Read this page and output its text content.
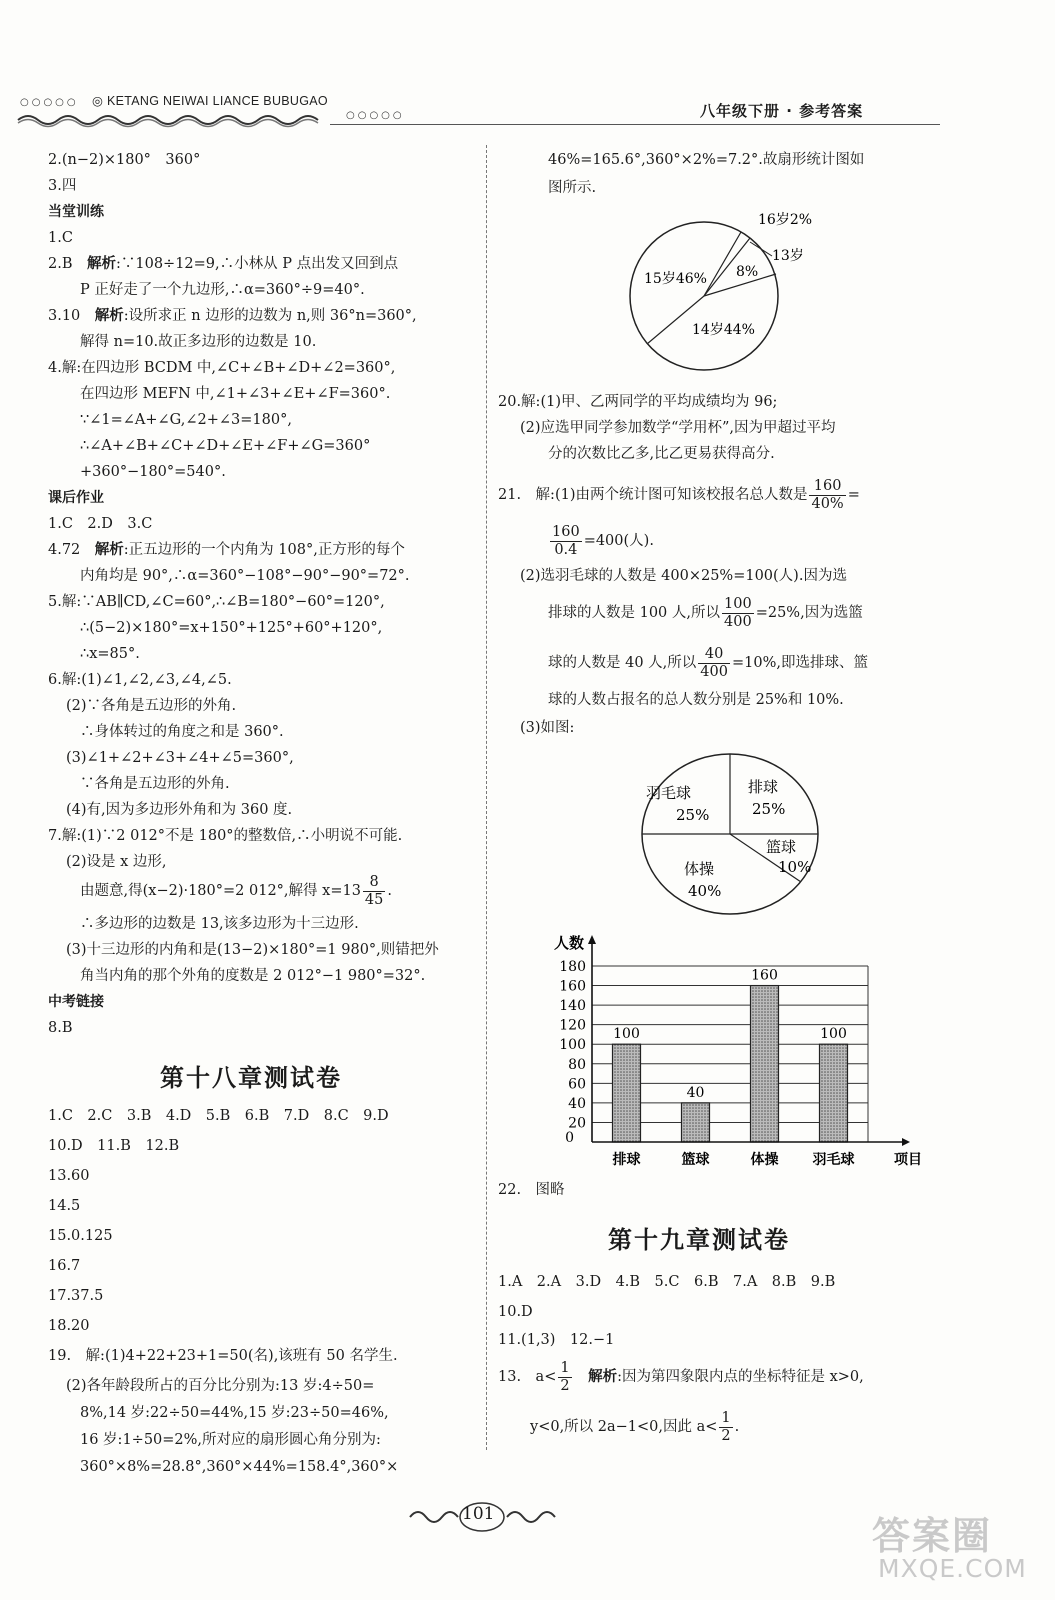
○○○○○ ◎ KETANG NEIWAI LIANCE BUBUGAO
○○○○○	八年级下册 · 参考答案
2.(n−2)×180°　360°
3.四
当堂训练
1.C
2.B　解析:∵108÷12=9,∴小林从 P 点出发又回到点
P 正好走了一个九边形,∴α=360°÷9=40°.
3.10　解析:设所求正 n 边形的边数为 n,则 36°n=360°,
解得 n=10.故正多边形的边数是 10.
4.解:在四边形 BCDM 中,∠C+∠B+∠D+∠2=360°,
在四边形 MEFN 中,∠1+∠3+∠E+∠F=360°.
∵∠1=∠A+∠G,∠2+∠3=180°,
∴∠A+∠B+∠C+∠D+∠E+∠F+∠G=360°
+360°−180°=540°.
课后作业
1.C　2.D　3.C
4.72　解析:正五边形的一个内角为 108°,正方形的每个
内角均是 90°,∴α=360°−108°−90°−90°=72°.
5.解:∵AB∥CD,∠C=60°,∴∠B=180°−60°=120°,
∴(5−2)×180°=x+150°+125°+60°+120°,
∴x=85°.
6.解:(1)∠1,∠2,∠3,∠4,∠5.
(2)∵各角是五边形的外角.
∴身体转过的角度之和是 360°.
(3)∠1+∠2+∠3+∠4+∠5=360°,
∵各角是五边形的外角.
(4)有,因为多边形外角和为 360 度.
7.解:(1)∵2 012°不是 180°的整数倍,∴小明说不可能.
(2)设是 x 边形,
由题意,得(x−2)·180°=2 012°,解得 $x=13 \frac{8}{45}$ .
∴多边形的边数是 13,该多边形为十三边形.
(3)十三边形的内角和是(13−2)×180°=1 980°,则错把外
角当内角的那个外角的度数是 2 012°−1 980°=32°.
中考链接
8.B
第十八章测试卷
1.C　2.C　3.B　4.D　5.B　6.B　7.D　8.C　9.D
10.D　11.B　12.B
13.60
14.5
15.0.125
16.7
17.37.5
18.20
19.　解:(1)4+22+23+1=50(名),该班有 50 名学生.
(2)各年龄段所占的百分比分别为:13 岁:4÷50=
8%,14 岁:22÷50=44%,15 岁:23÷50=46%,
16 岁:1÷50=2%,所对应的扇形圆心角分别为:
360°×8%=28.8°,360°×44%=158.4°,360°×
46%=165.6°,360°×2%=7.2°.故扇形统计图如
图所示.
16岁2%
13岁
8%
15岁46%
14岁44%
20.解:(1)甲、乙两同学的平均成绩均为 96;
(2)应选甲同学参加数学“学用杯”,因为甲超过平均
分的次数比乙多,比乙更易获得高分.
21.　解:(1)由两个统计图可知该校报名总人数是 $\frac{160}{40\%}$ =
$\frac{160}{0.4} =400$(人).
(2)选羽毛球的人数是 400×25%=100(人).因为选
排球的人数是 100 人,所以 $\frac{100}{400} =25\%$,因为选篮
球的人数是 40 人,所以 $\frac{40}{400} =10\%$,即选排球、篮
球的人数占报名的总人数分别是 25%和 10%.
(3)如图:
排球
25%
篮球
10%
体操
40%
羽毛球
25%
100
40
160
100
20
40
60
80
100
120
140
160
180
排球	篮球	体操 羽毛球
人数
项目
0
22.　图略
第十九章测试卷
1.A　2.A　3.D　4.B　5.C　6.B　7.A　8.B　9.B
10.D
11.(1,3)　12.−1
13.　$a< \frac{1}{2}$ 　解析:因为第四象限内点的坐标特征是 x>0,
y<0,所以 2a−1<0,因此 $a< \frac{1}{2}$ .
101	答案圈
MXQE.COM
